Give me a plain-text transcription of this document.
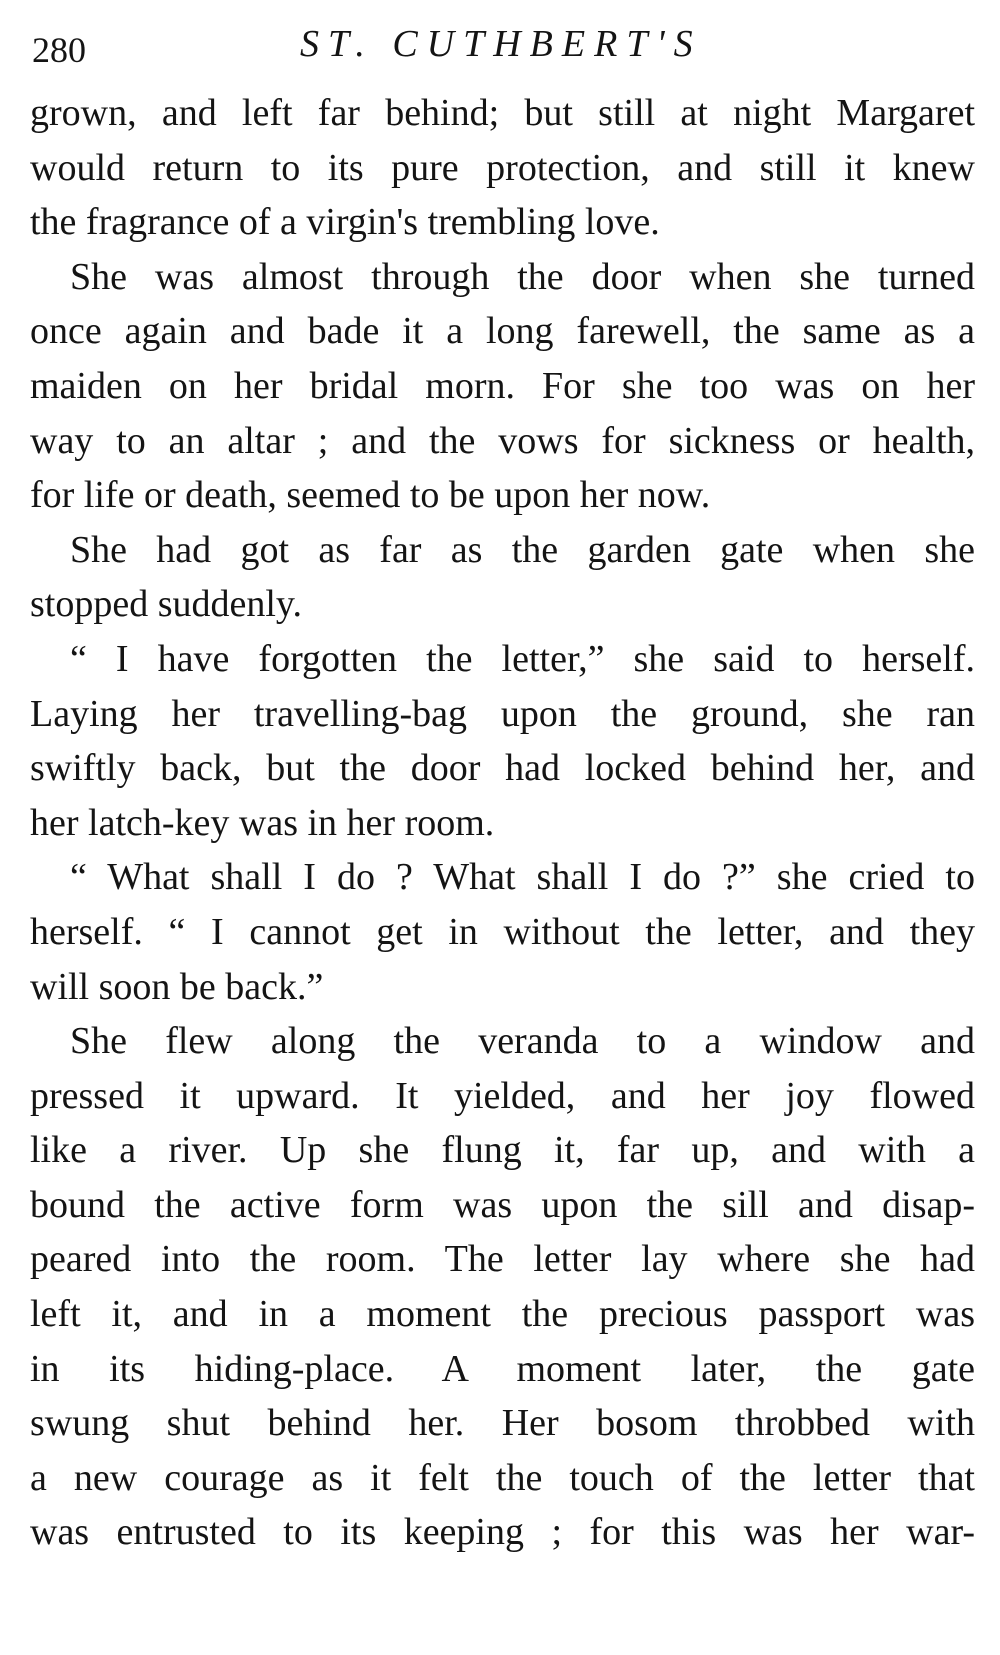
280	ST. CUTHBERT'S
grown, and left far behind; but still at night Margaret
would return to its pure protection, and still it knew
the fragrance of a virgin's trembling love.
She was almost through the door when she turned
once again and bade it a long farewell, the same as a
maiden on her bridal morn. For she too was on her
way to an altar ; and the vows for sickness or health,
for life or death, seemed to be upon her now.
She had got as far as the garden gate when she
stopped suddenly.
“ I have forgotten the letter,” she said to herself.
Laying her travelling-bag upon the ground, she ran
swiftly back, but the door had locked behind her, and
her latch-key was in her room.
“ What shall I do ? What shall I do ?” she cried to
herself. “ I cannot get in without the letter, and they
will soon be back.”
She flew along the veranda to a window and
pressed it upward. It yielded, and her joy flowed
like a river. Up she flung it, far up, and with a
bound the active form was upon the sill and disap-
peared into the room. The letter lay where she had
left it, and in a moment the precious passport was
in its hiding-place. A moment later, the gate
swung shut behind her. Her bosom throbbed with
a new courage as it felt the touch of the letter that
was entrusted to its keeping ; for this was her war-
